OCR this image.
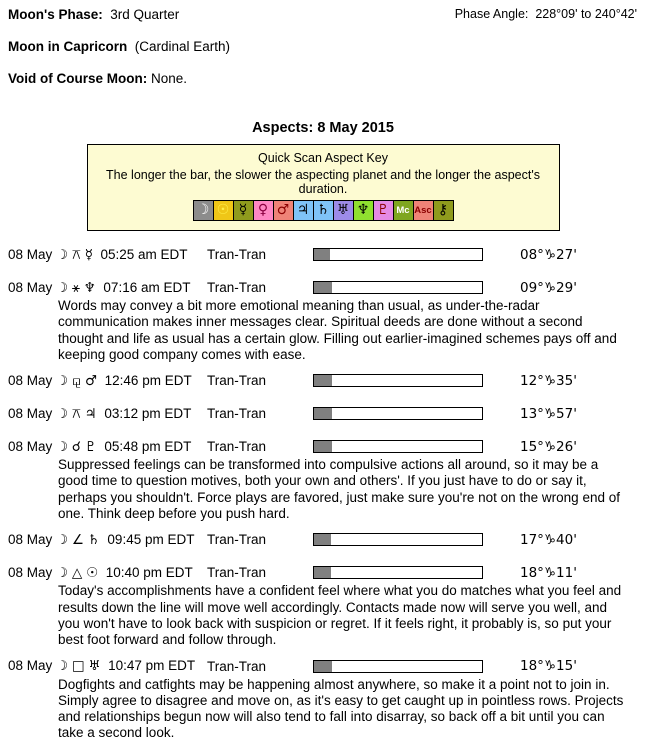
Phase Angle: 228°09' to 240°42'
Moon's Phase: 3rd Quarter
Moon in Capricorn (Cardinal Earth)
Void of Course Moon: None.
Aspects: 8 May 2015
Quick Scan Aspect Key
The longer the bar, the slower the aspecting planet and the longer the aspect's duration.
☽ ☉ ☿ ♀ ♂ ♃ ♄ ♅ ♆ ♇ Mc Asc ⚷
08 May ☽ ⚻ ☿ 05:25 am EDT	Tran-Tran	08°♑27'
08 May ☽ ⚹ ♆ 07:16 am EDT	Tran-Tran	09°♑29'
Words may convey a bit more emotional meaning than usual, as under-the-radar communication makes inner messages clear. Spiritual deeds are done without a second thought and life as usual has a certain glow. Filling out earlier-imagined schemes pays off and keeping good company comes with ease.
08 May ☽ ⚼ ♂ 12:46 pm EDT	Tran-Tran	12°♑35'
08 May ☽ ⚻ ♃ 03:12 pm EDT	Tran-Tran	13°♑57'
08 May ☽ ☌ ♇ 05:48 pm EDT	Tran-Tran	15°♑26'
Suppressed feelings can be transformed into compulsive actions all around, so it may be a good time to question motives, both your own and others'. If you just have to do or say it, perhaps you shouldn't. Force plays are favored, just make sure you're not on the wrong end of one. Think deep before you push hard.
08 May ☽ ∠ ♄ 09:45 pm EDT Tran-Tran	17°♑40'
08 May ☽ △ ☉ 10:40 pm EDT	Tran-Tran	18°♑11'
Today's accomplishments have a confident feel where what you do matches what you feel and results down the line will move well accordingly. Contacts made now will serve you well, and you won't have to look back with suspicion or regret. If it feels right, it probably is, so put your best foot forward and follow through.
08 May ☽ □ ♅ 10:47 pm EDT Tran-Tran	18°♑15'
Dogfights and catfights may be happening almost anywhere, so make it a point not to join in. Simply agree to disagree and move on, as it's easy to get caught up in pointless rows. Projects and relationships begun now will also tend to fall into disarray, so back off a bit until you can take a second look.
